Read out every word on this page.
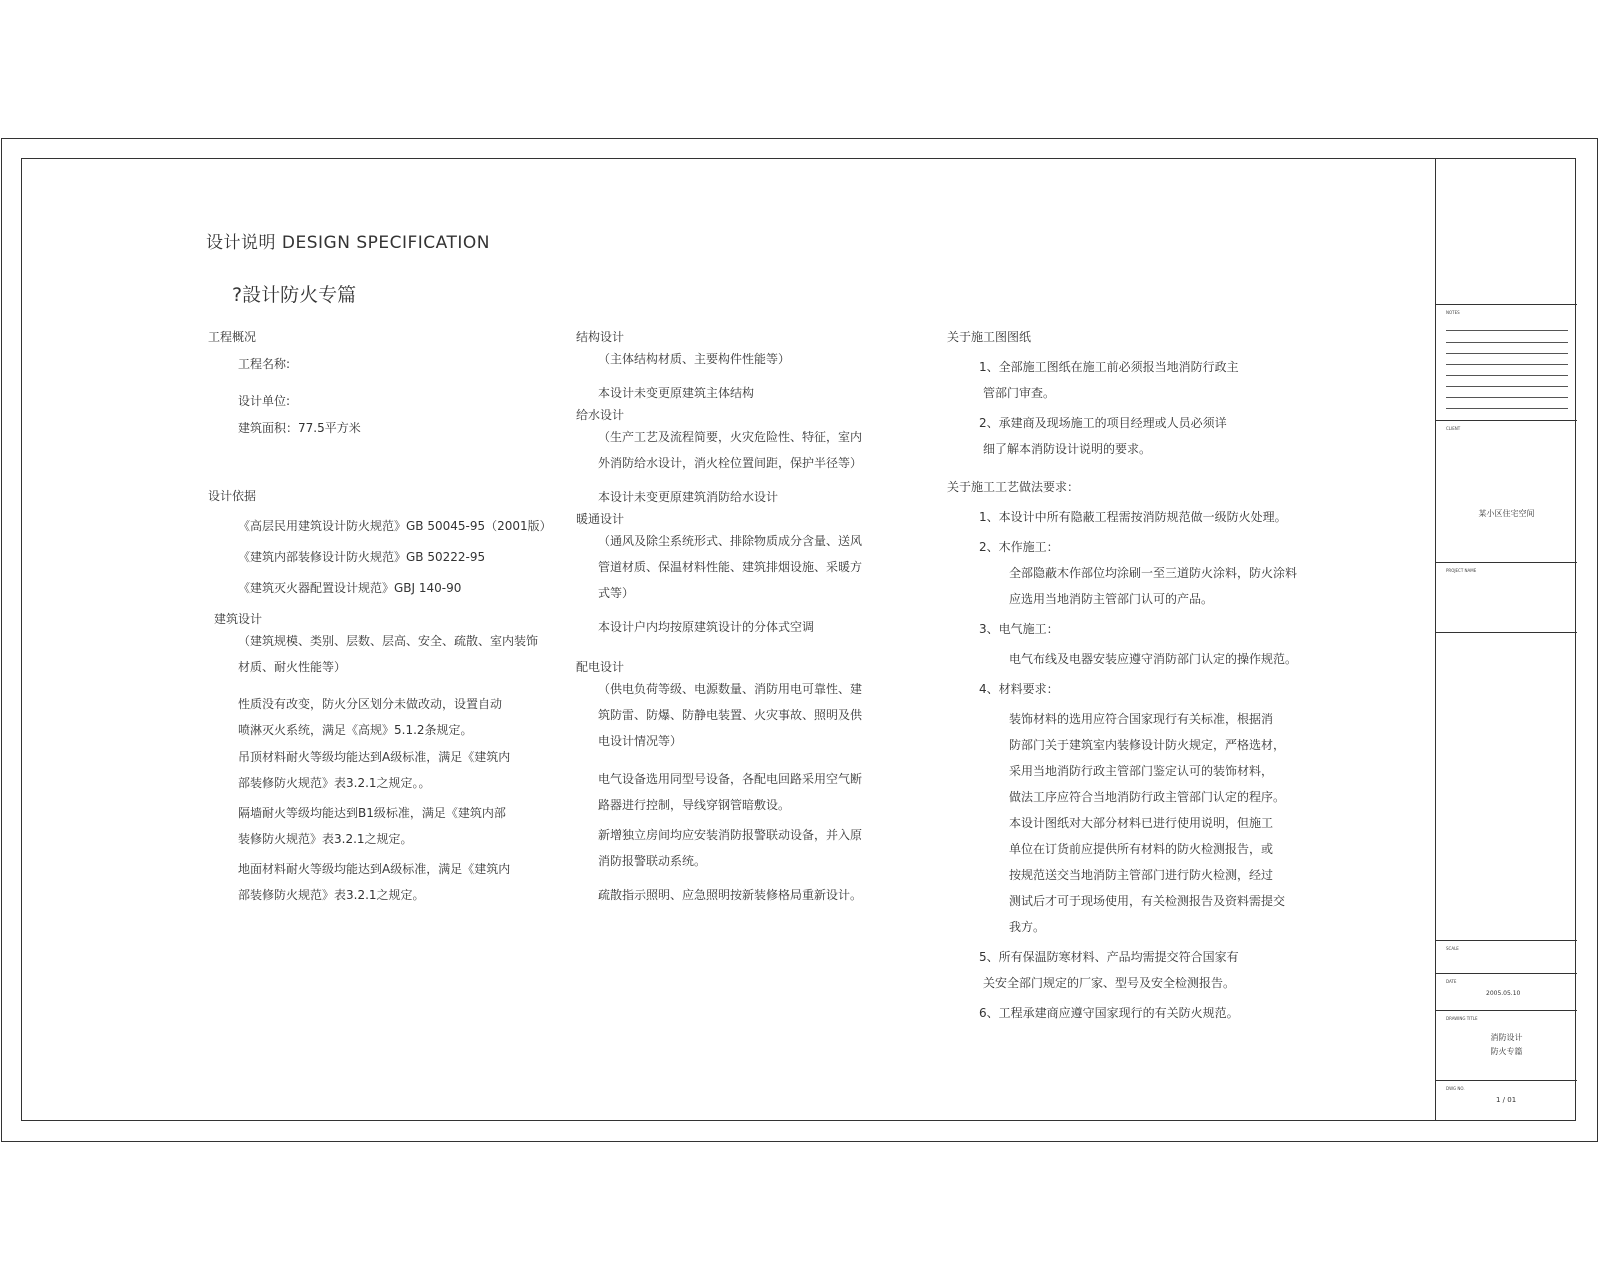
设计说明 DESIGN SPECIFICATION
?設计防火专篇
工程概况
工程名称:
设计单位:
建筑面积：77.5平方米
设计依据
《高层民用建筑设计防火规范》GB 50045-95（2001版）
《建筑内部装修设计防火规范》GB 50222-95
《建筑灭火器配置设计规范》GBJ 140-90
建筑设计
（建筑规模、类别、层数、层高、安全、疏散、室内装饰
材质、耐火性能等）
性质没有改变，防火分区划分未做改动，设置自动
喷淋灭火系统，满足《高规》5.1.2条规定。
吊顶材料耐火等级均能达到A级标准，满足《建筑内
部装修防火规范》表3.2.1之规定。。
隔墙耐火等级均能达到B1级标准，满足《建筑内部
装修防火规范》表3.2.1之规定。
地面材料耐火等级均能达到A级标准，满足《建筑内
部装修防火规范》表3.2.1之规定。
结构设计
（主体结构材质、主要构件性能等）
本设计未变更原建筑主体结构
给水设计
（生产工艺及流程简要，火灾危险性、特征，室内
外消防给水设计，消火栓位置间距，保护半径等）
本设计未变更原建筑消防给水设计
暖通设计
（通风及除尘系统形式、排除物质成分含量、送风
管道材质、保温材料性能、建筑排烟设施、采暖方
式等）
本设计户内均按原建筑设计的分体式空调
配电设计
（供电负荷等级、电源数量、消防用电可靠性、建
筑防雷、防爆、防静电装置、火灾事故、照明及供
电设计情况等）
电气设备选用同型号设备，各配电回路采用空气断
路器进行控制，导线穿钢管暗敷设。
新增独立房间均应安装消防报警联动设备，并入原
消防报警联动系统。
疏散指示照明、应急照明按新装修格局重新设计。
关于施工图图纸
1、全部施工图纸在施工前必须报当地消防行政主
管部门审查。
2、承建商及现场施工的项目经理或人员必须详
细了解本消防设计说明的要求。
关于施工工艺做法要求：
1、本设计中所有隐蔽工程需按消防规范做一级防火处理。
2、木作施工：
全部隐蔽木作部位均涂刷一至三道防火涂料，防火涂料
应选用当地消防主管部门认可的产品。
3、电气施工：
电气布线及电器安装应遵守消防部门认定的操作规范。
4、材料要求：
装饰材料的选用应符合国家现行有关标准，根据消
防部门关于建筑室内装修设计防火规定，严格选材，
采用当地消防行政主管部门鉴定认可的装饰材料，
做法工序应符合当地消防行政主管部门认定的程序。
本设计图纸对大部分材料已进行使用说明，但施工
单位在订货前应提供所有材料的防火检测报告，或
按规范送交当地消防主管部门进行防火检测，经过
测试后才可于现场使用，有关检测报告及资料需提交
我方。
5、所有保温防寒材料、产品均需提交符合国家有
关安全部门规定的厂家、型号及安全检测报告。
6、工程承建商应遵守国家现行的有关防火规范。
NOTES
CLIENT
某小区住宅空间
PROJECT NAME
SCALE
DATE
2005.05.10
DRAWING TITLE
消防设计
防火专篇
DWG NO.
1 / 01
